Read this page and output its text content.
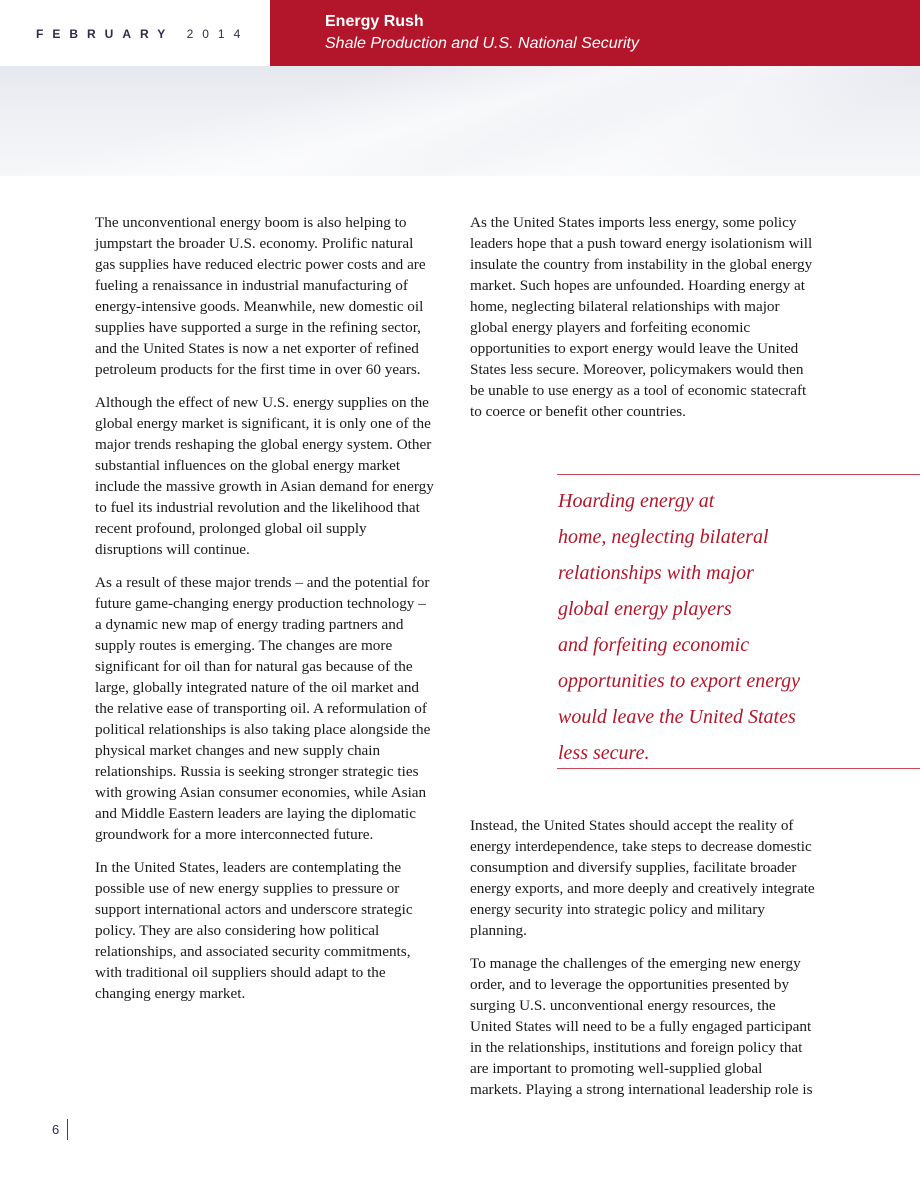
FEBRUARY 2014
Energy Rush
Shale Production and U.S. National Security

The unconventional energy boom is also helping to jumpstart the broader U.S. economy. Prolific natural gas supplies have reduced electric power costs and are fueling a renaissance in industrial manufacturing of energy-intensive goods. Meanwhile, new domestic oil supplies have supported a surge in the refining sector, and the United States is now a net exporter of refined petroleum products for the first time in over 60 years.

Although the effect of new U.S. energy supplies on the global energy market is significant, it is only one of the major trends reshaping the global energy system. Other substantial influences on the global energy market include the massive growth in Asian demand for energy to fuel its industrial revolution and the likelihood that recent profound, prolonged global oil supply disruptions will continue.

As a result of these major trends – and the potential for future game-changing energy production technology – a dynamic new map of energy trading partners and supply routes is emerging. The changes are more significant for oil than for natural gas because of the large, globally integrated nature of the oil market and the relative ease of transporting oil. A reformulation of political relationships is also taking place alongside the physical market changes and new supply chain relationships. Russia is seeking stronger strategic ties with growing Asian consumer economies, while Asian and Middle Eastern leaders are laying the diplomatic groundwork for a more interconnected future.

In the United States, leaders are contemplating the possible use of new energy supplies to pressure or support international actors and underscore strategic policy. They are also considering how political relationships, and associated security commitments, with traditional oil suppliers should adapt to the changing energy market.

As the United States imports less energy, some policy leaders hope that a push toward energy isolationism will insulate the country from instability in the global energy market. Such hopes are unfounded. Hoarding energy at home, neglecting bilateral relationships with major global energy players and forfeiting economic opportunities to export energy would leave the United States less secure. Moreover, policymakers would then be unable to use energy as a tool of economic statecraft to coerce or benefit other countries.

Hoarding energy at
home, neglecting bilateral
relationships with major
global energy players
and forfeiting economic
opportunities to export energy
would leave the United States
less secure.

Instead, the United States should accept the reality of energy interdependence, take steps to decrease domestic consumption and diversify supplies, facilitate broader energy exports, and more deeply and creatively integrate energy security into strategic policy and military planning.

To manage the challenges of the emerging new energy order, and to leverage the opportunities presented by surging U.S. unconventional energy resources, the United States will need to be a fully engaged participant in the relationships, institutions and foreign policy that are important to promoting well-supplied global markets. Playing a strong international leadership role is

6
